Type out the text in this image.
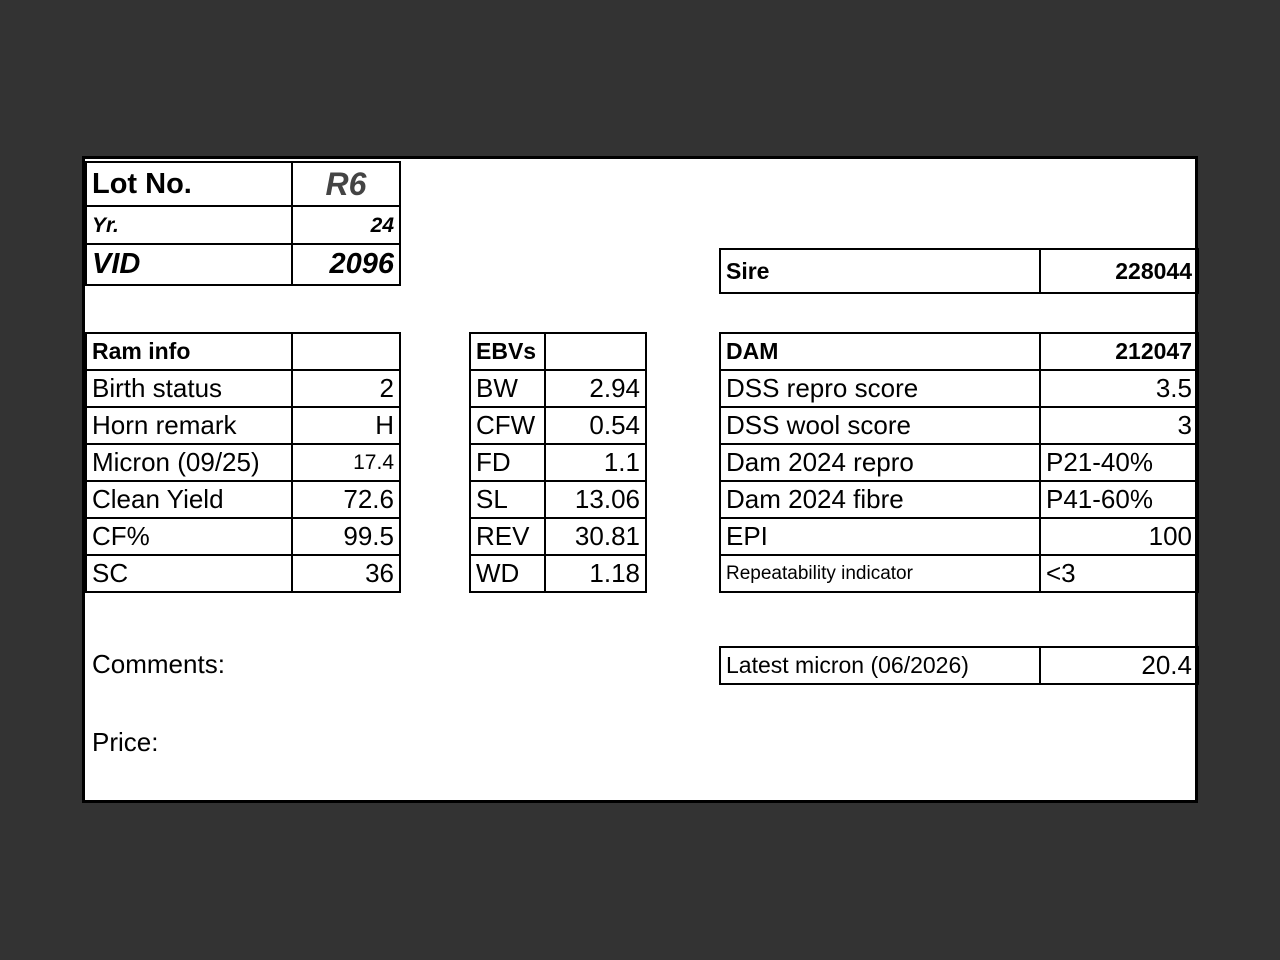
Lot No.	R6
Yr.	24
VID	2096	Sire	228044
Ram info	
Birth status	2
Horn remark	H
Micron (09/25)	17.4
Clean Yield	72.6
CF%	99.5
SC	36
EBVs	
BW	2.94
CFW	0.54
FD	1.1
SL	13.06
REV	30.81
WD	1.18
DAM	212047
DSS repro score	3.5
DSS wool score	3
Dam 2024 repro	P21-40%
Dam 2024 fibre	P41-60%
EPI	100
Repeatability indicator	<3
Latest micron (06/2026)	20.4
Comments:
Price:
